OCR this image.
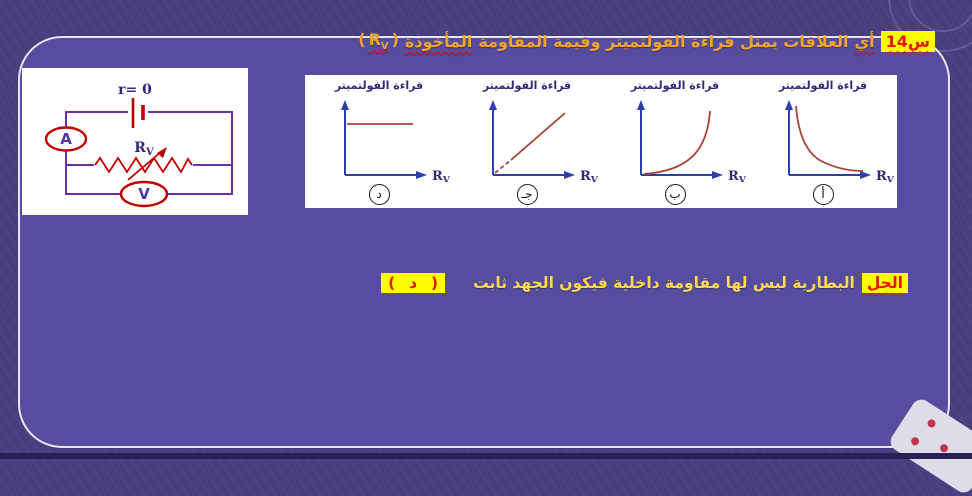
س14
أي
العلاقات يمثل قراءة الفولتميتر وقيمة المقاومة
المأخوذة
( $R_V$ )
r= 0
$R_V$
A
V
قراءة الفولتميتر
$R_V$
د
قراءة الفولتميتر
$R_V$
جـ
قراءة الفولتميتر
$R_V$
ب
قراءة الفولتميتر
$R_V$
أ
الحل
البطارية ليس لها مقاومة داخلية فيكون الجهد ثابت
(
د
)
